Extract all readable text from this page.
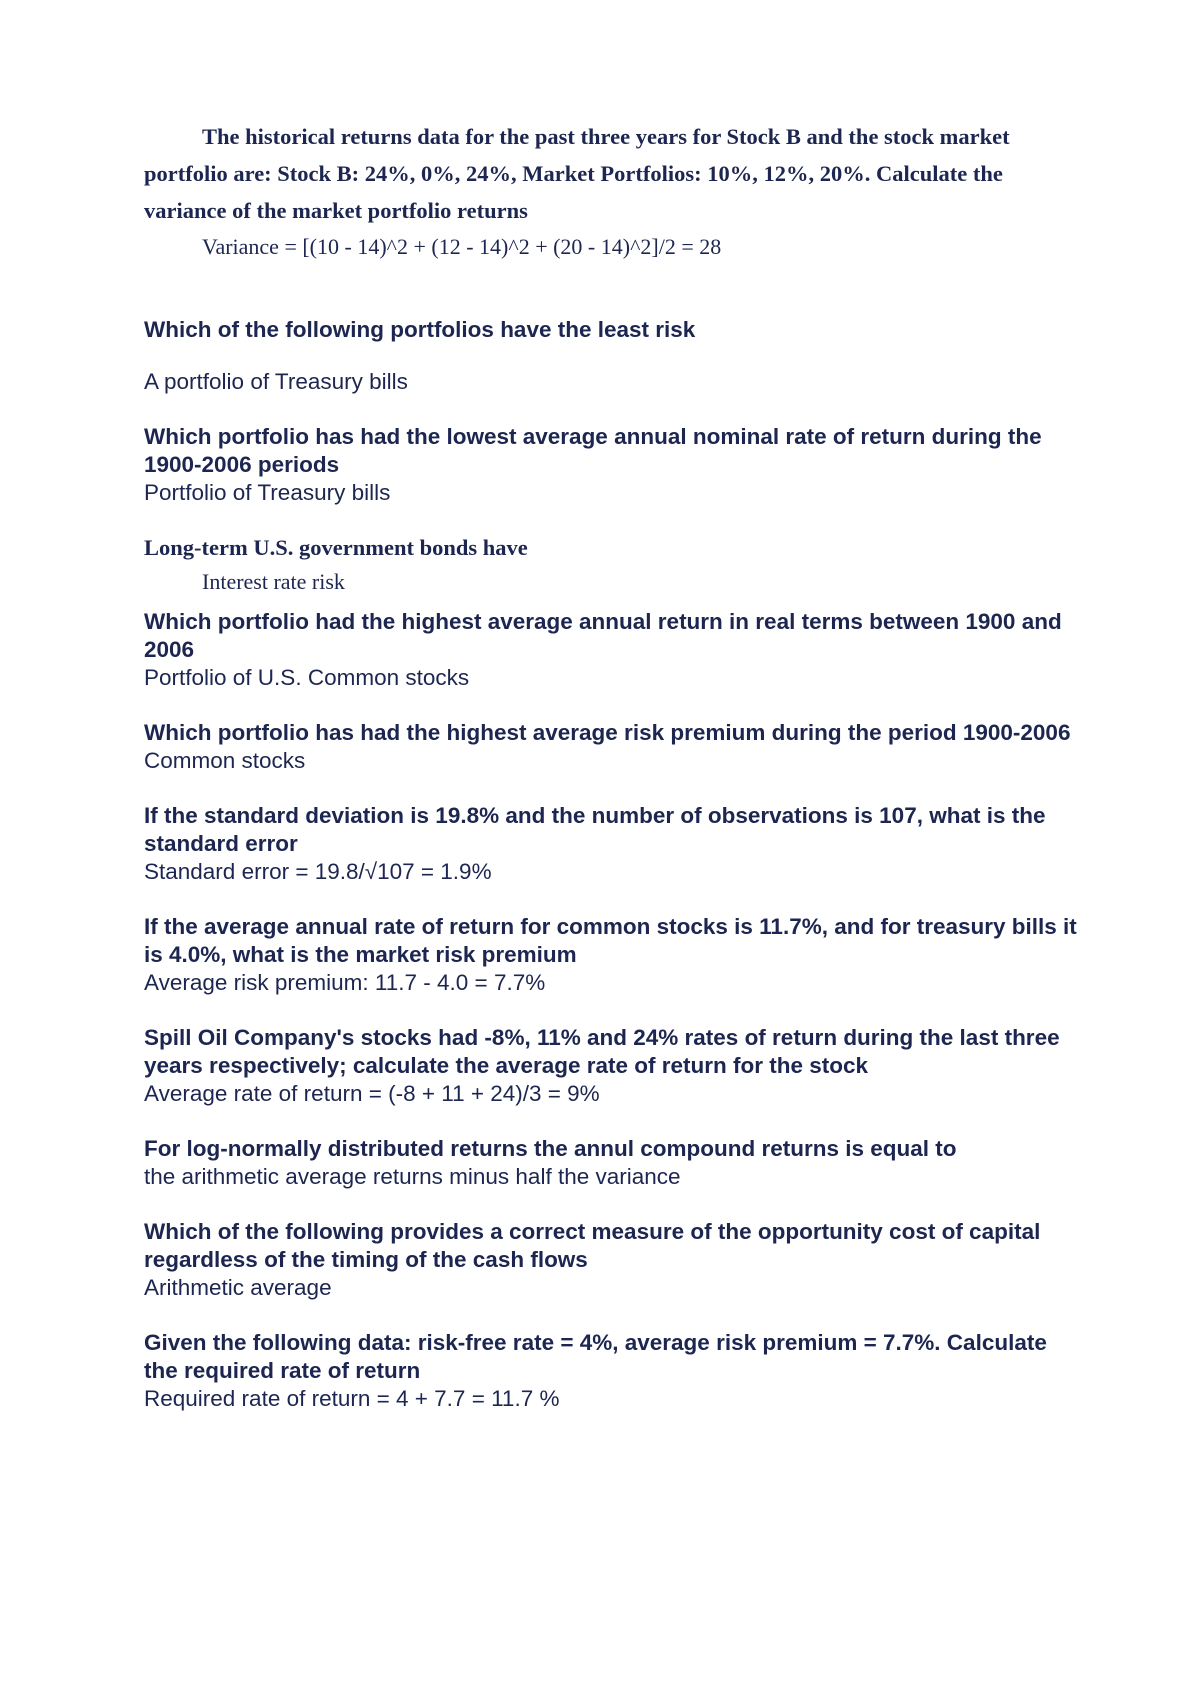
The historical returns data for the past three years for Stock B and the stock market portfolio are: Stock B: 24%, 0%, 24%, Market Portfolios: 10%, 12%, 20%. Calculate the variance of the market portfolio returns

Variance = [(10 - 14)^2 + (12 - 14)^2 + (20 - 14)^2]/2 = 28

Which of the following portfolios have the least risk

A portfolio of Treasury bills

Which portfolio has had the lowest average annual nominal rate of return during the 1900-2006 periods

Portfolio of Treasury bills

Long-term U.S. government bonds have

Interest rate risk

Which portfolio had the highest average annual return in real terms between 1900 and 2006

Portfolio of U.S. Common stocks

Which portfolio has had the highest average risk premium during the period 1900-2006

Common stocks

If the standard deviation is 19.8% and the number of observations is 107, what is the standard error

Standard error = 19.8/√107 = 1.9%

If the average annual rate of return for common stocks is 11.7%, and for treasury bills it is 4.0%, what is the market risk premium

Average risk premium: 11.7 - 4.0 = 7.7%

Spill Oil Company's stocks had -8%, 11% and 24% rates of return during the last three years respectively; calculate the average rate of return for the stock

Average rate of return = (-8 + 11 + 24)/3 = 9%

For log-normally distributed returns the annul compound returns is equal to

the arithmetic average returns minus half the variance

Which of the following provides a correct measure of the opportunity cost of capital regardless of the timing of the cash flows

Arithmetic average

Given the following data: risk-free rate = 4%, average risk premium = 7.7%. Calculate the required rate of return

Required rate of return = 4 + 7.7 = 11.7 %
